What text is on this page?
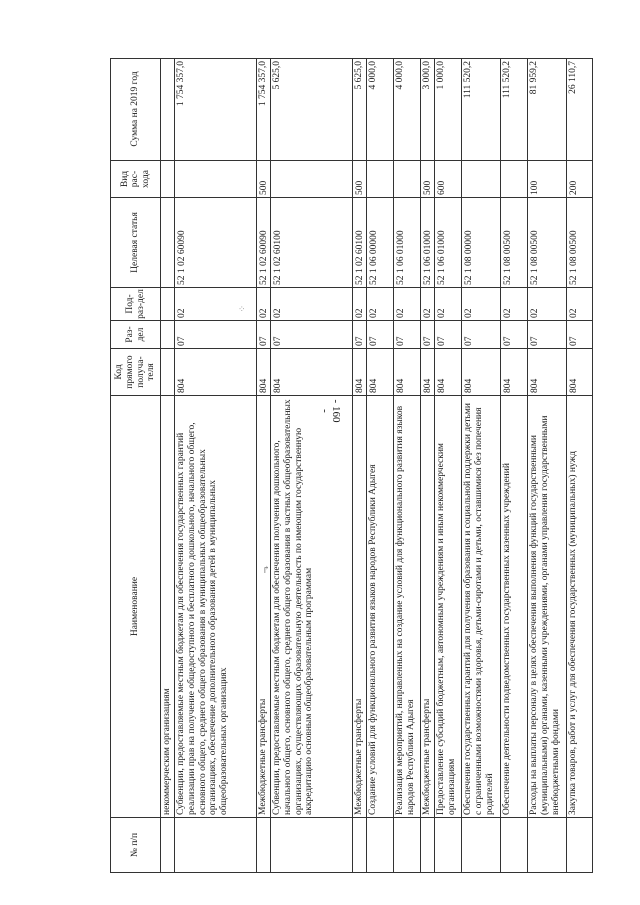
- 160 -
⁘
↱
№ п/п
Наименование
Код прямого получа-теля
Раз-дел
Под-раз-дел
Целевая статья
Вид рас-хода
Сумма на 2019 год
некоммерческим организациям Субвенции, предоставляемые местным бюджетам для обеспечения государственных гарантий реализации прав на получение общедоступного и бесплатного дошкольного, начального общего, основного общего, среднего общего образования в муниципальных общеобразовательных организациях, обеспечение дополнительного образования детей в муниципальных общеобразовательных организациях
804
07
02
52 1 02 60090
1 754 357,0
Межбюджетные трансферты
804
07
02
52 1 02 60090
500
1 754 357,0
Субвенции, предоставляемые местным бюджетам для обеспечения получения дошкольного, начального общего, основного общего, среднего общего образования в частных общеобразовательных организациях, осуществляющих образовательную деятельность по имеющим государственную аккредитацию основным общеобразовательным программам
804
07
02
52 1 02 60100
5 625,0
Межбюджетные трансферты
804
07
02
52 1 02 60100
500
5 625,0
Создание условий для функционального развития языков народов Республики Адыгея
804
07
02
52 1 06 00000
4 000,0
Реализация мероприятий, направленных на создание условий для функционального развития языков народов Республики Адыгея
804
07
02
52 1 06 01000
4 000,0
Межбюджетные трансферты
804
07
02
52 1 06 01000
500
3 000,0
Предоставление субсидий бюджетным, автономным учреждениям и иным некоммерческим организациям
804
07
02
52 1 06 01000
600
1 000,0
Обеспечение государственных гарантий для получения образования и социальной поддержки детьми с ограниченными возможностями здоровья, детьми-сиротами и детьми, оставшимися без попечения родителей
804
07
02
52 1 08 00000
111 520,2
Обеспечение деятельности подведомственных государственных казенных учреждений
804
07
02
52 1 08 00500
111 520,2
Расходы на выплаты персоналу в целях обеспечения выполнения функций государственными (муниципальными) органами, казенными учреждениями, органами управления государственными внебюджетными фондами
804
07
02
52 1 08 00500
100
81 959,2
Закупка товаров, работ и услуг для обеспечения государственных (муниципальных) нужд
804
07
02
52 1 08 00500
200
26 110,7
